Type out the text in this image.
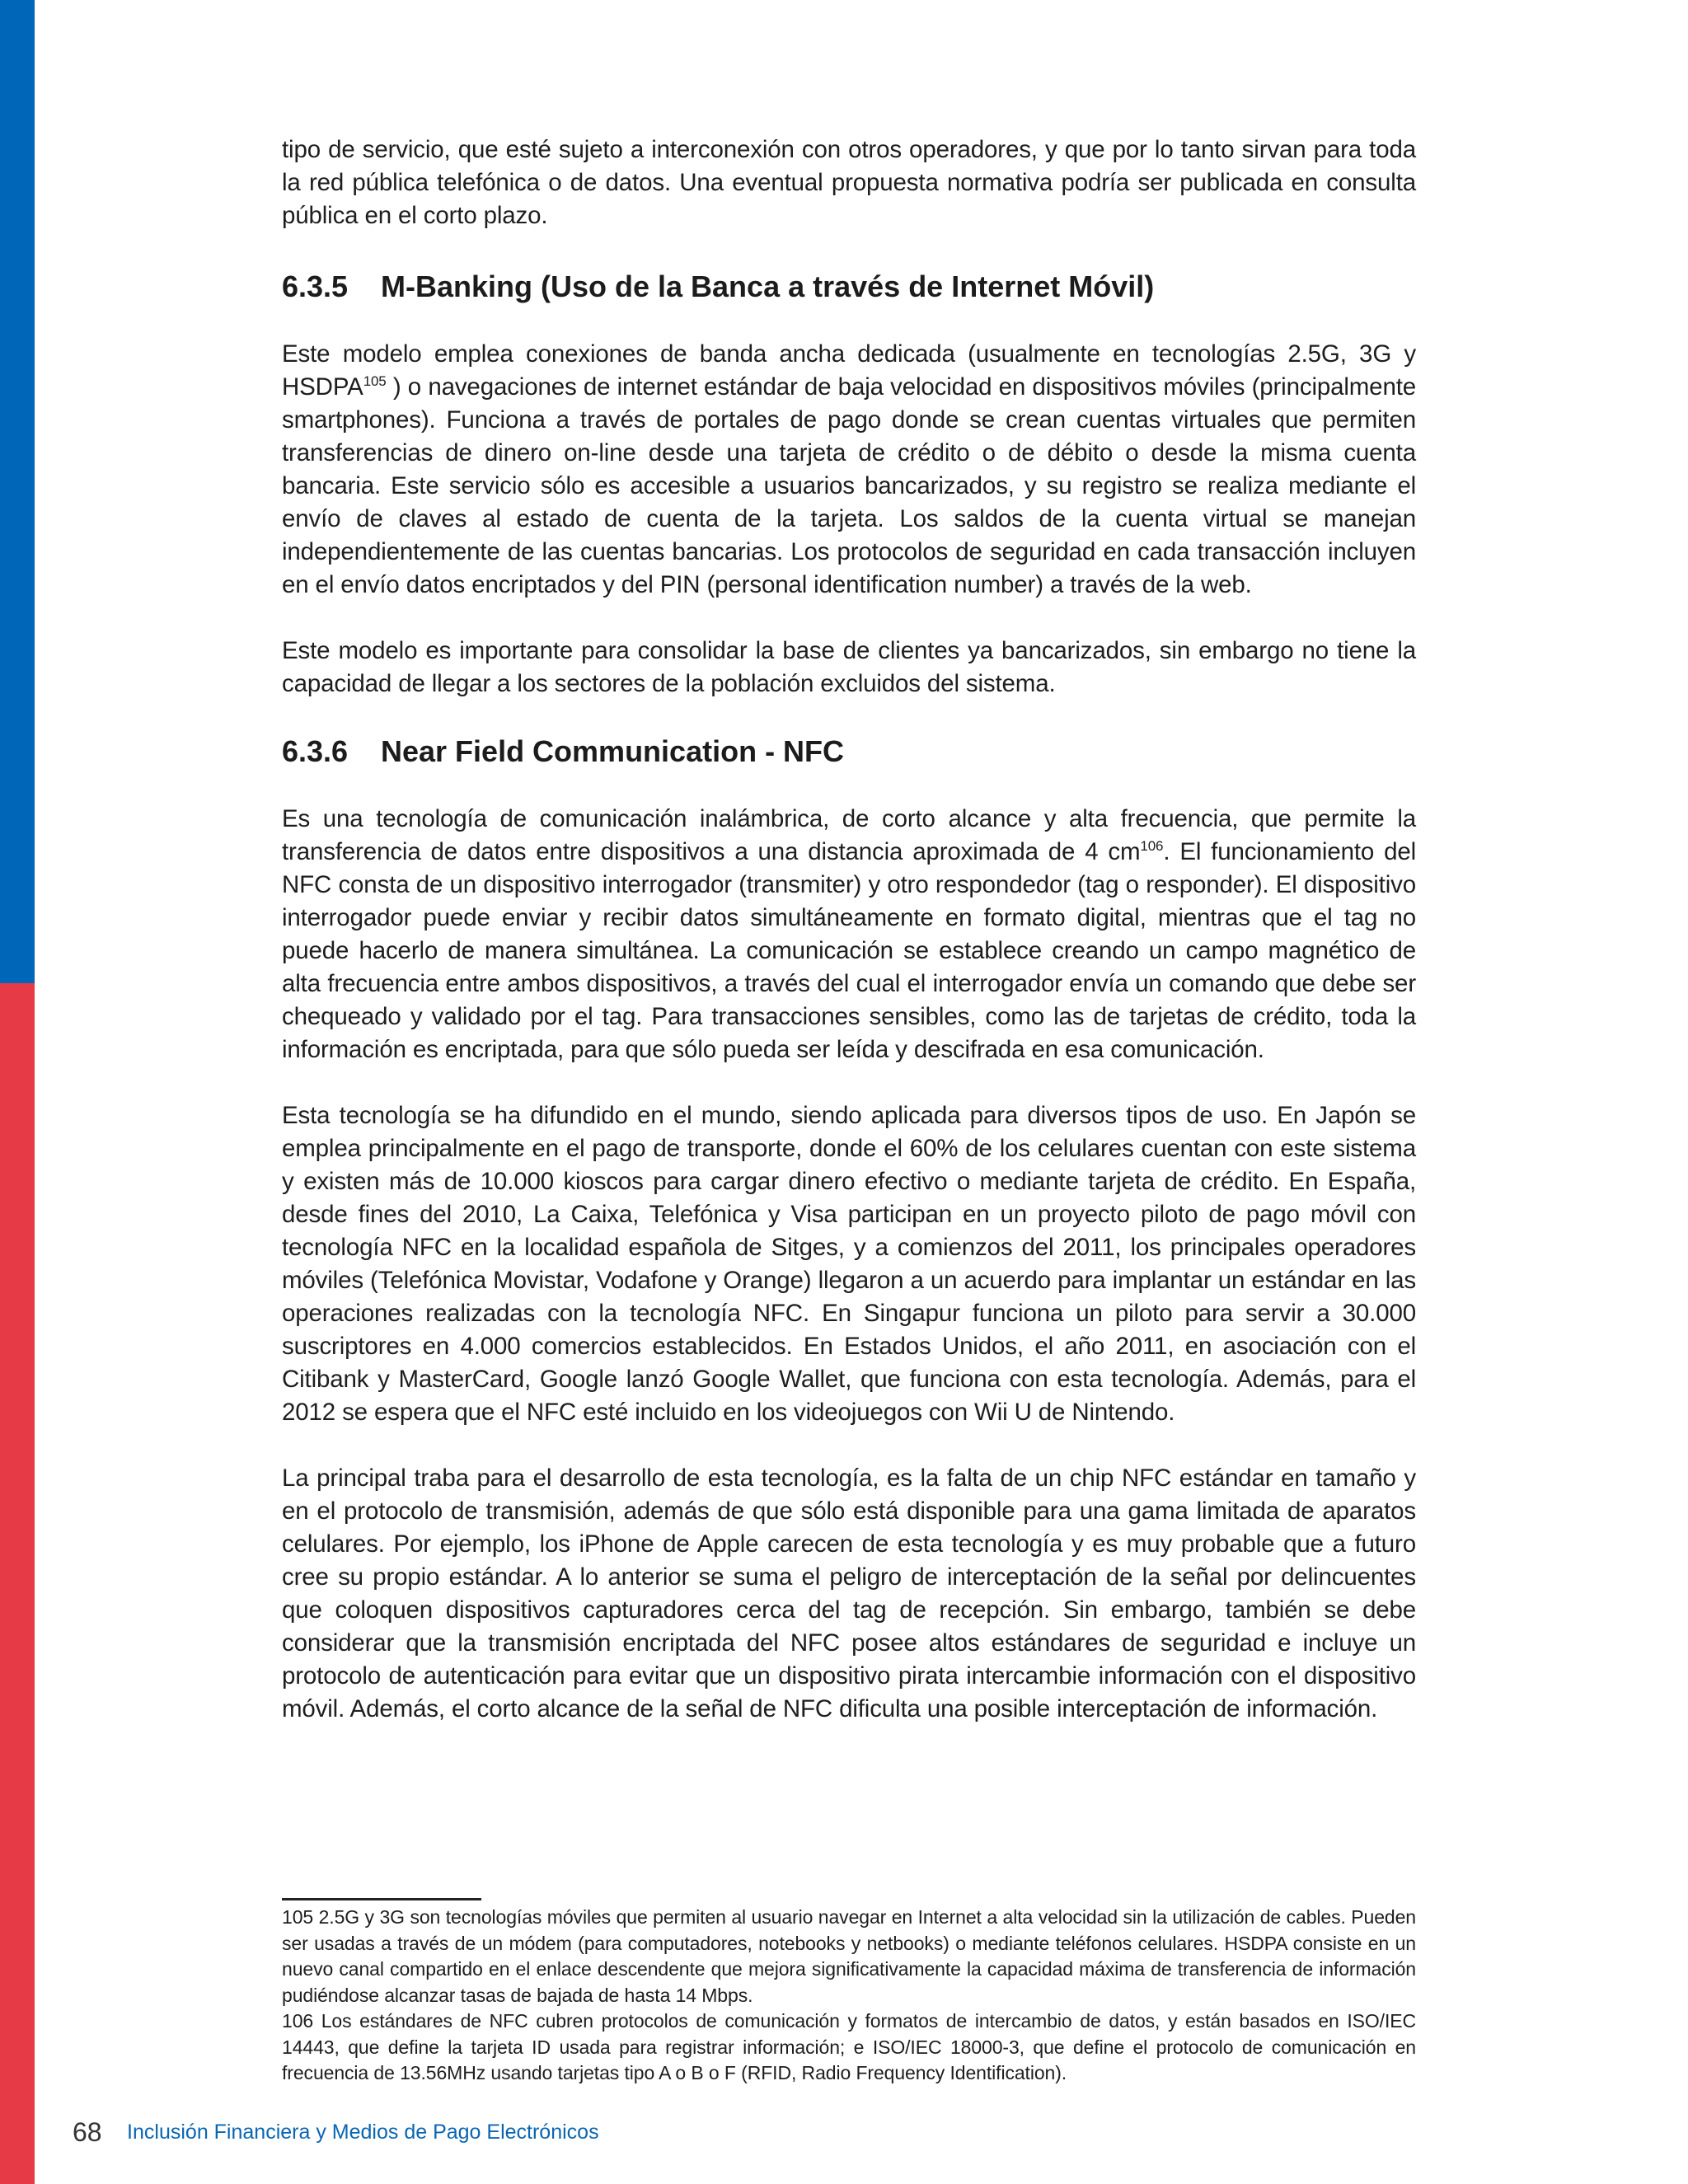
tipo de servicio, que esté sujeto a interconexión con otros operadores, y que por lo tanto sirvan para toda la red pública telefónica o de datos. Una eventual propuesta normativa podría ser publicada en consulta pública en el corto plazo.

6.3.5 M-Banking (Uso de la Banca a través de Internet Móvil)

Este modelo emplea conexiones de banda ancha dedicada (usualmente en tecnologías 2.5G, 3G y HSDPA$^{105}$ ) o navegaciones de internet estándar de baja velocidad en dispositivos móviles (principalmente smartphones). Funciona a través de portales de pago donde se crean cuentas virtuales que permiten transferencias de dinero on-line desde una tarjeta de crédito o de débito o desde la misma cuenta bancaria. Este servicio sólo es accesible a usuarios bancarizados, y su registro se realiza mediante el envío de claves al estado de cuenta de la tarjeta. Los saldos de la cuenta virtual se manejan independientemente de las cuentas bancarias. Los protocolos de seguridad en cada transacción incluyen en el envío datos encriptados y del PIN (personal identification number) a través de la web.

Este modelo es importante para consolidar la base de clientes ya bancarizados, sin embargo no tiene la capacidad de llegar a los sectores de la población excluidos del sistema.

6.3.6 Near Field Communication - NFC

Es una tecnología de comunicación inalámbrica, de corto alcance y alta frecuencia, que permite la transferencia de datos entre dispositivos a una distancia aproximada de 4 $cm^{106}$. El funcionamiento del NFC consta de un dispositivo interrogador (transmiter) y otro respondedor (tag o responder). El dispositivo interrogador puede enviar y recibir datos simultáneamente en formato digital, mientras que el tag no puede hacerlo de manera simultánea. La comunicación se establece creando un campo magnético de alta frecuencia entre ambos dispositivos, a través del cual el interrogador envía un comando que debe ser chequeado y validado por el tag. Para transacciones sensibles, como las de tarjetas de crédito, toda la información es encriptada, para que sólo pueda ser leída y descifrada en esa comunicación.

Esta tecnología se ha difundido en el mundo, siendo aplicada para diversos tipos de uso. En Japón se emplea principalmente en el pago de transporte, donde el 60% de los celulares cuentan con este sistema y existen más de 10.000 kioscos para cargar dinero efectivo o mediante tarjeta de crédito. En España, desde fines del 2010, La Caixa, Telefónica y Visa participan en un proyecto piloto de pago móvil con tecnología NFC en la localidad española de Sitges, y a comienzos del 2011, los principales operadores móviles (Telefónica Movistar, Vodafone y Orange) llegaron a un acuerdo para implantar un estándar en las operaciones realizadas con la tecnología NFC. En Singapur funciona un piloto para servir a 30.000 suscriptores en 4.000 comercios establecidos. En Estados Unidos, el año 2011, en asociación con el Citibank y MasterCard, Google lanzó Google Wallet, que funciona con esta tecnología. Además, para el 2012 se espera que el NFC esté incluido en los videojuegos con Wii U de Nintendo.

La principal traba para el desarrollo de esta tecnología, es la falta de un chip NFC estándar en tamaño y en el protocolo de transmisión, además de que sólo está disponible para una gama limitada de aparatos celulares. Por ejemplo, los iPhone de Apple carecen de esta tecnología y es muy probable que a futuro cree su propio estándar. A lo anterior se suma el peligro de interceptación de la señal por delincuentes que coloquen dispositivos capturadores cerca del tag de recepción. Sin embargo, también se debe considerar que la transmisión encriptada del NFC posee altos estándares de seguridad e incluye un protocolo de autenticación para evitar que un dispositivo pirata intercambie información con el dispositivo móvil. Además, el corto alcance de la señal de NFC dificulta una posible interceptación de información.

105 2.5G y 3G son tecnologías móviles que permiten al usuario navegar en Internet a alta velocidad sin la utilización de cables. Pueden ser usadas a través de un módem (para computadores, notebooks y netbooks) o mediante teléfonos celulares. HSDPA consiste en un nuevo canal compartido en el enlace descendente que mejora significativamente la capacidad máxima de transferencia de información pudiéndose alcanzar tasas de bajada de hasta 14 Mbps.

106 Los estándares de NFC cubren protocolos de comunicación y formatos de intercambio de datos, y están basados en ISO/IEC 14443, que define la tarjeta ID usada para registrar información; e ISO/IEC 18000-3, que define el protocolo de comunicación en frecuencia de 13.56MHz usando tarjetas tipo A o B o F (RFID, Radio Frequency Identification).

68 Inclusión Financiera y Medios de Pago Electrónicos
